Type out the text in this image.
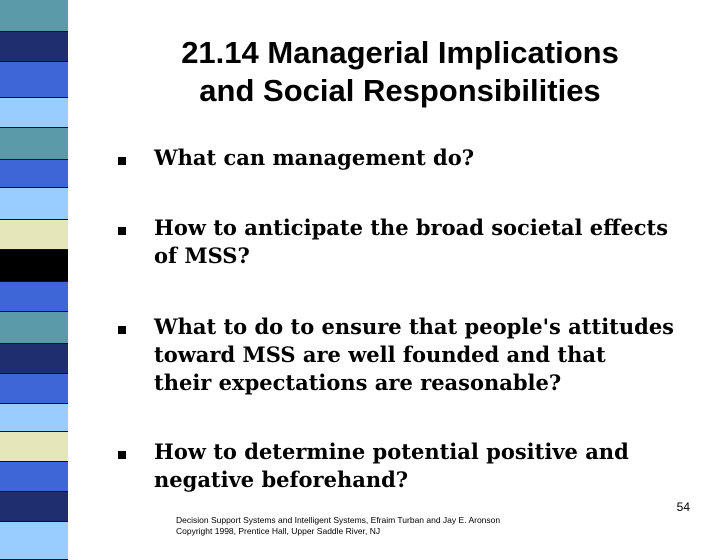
21.14 Managerial Implications
and Social Responsibilities
What can management do?
How to anticipate the broad societal effects
of MSS?
What to do to ensure that people's attitudes
toward MSS are well founded and that
their expectations are reasonable?
How to determine potential positive and
negative beforehand?
54
Decision Support Systems and Intelligent Systems, Efraim Turban and Jay E. Aronson
Copyright 1998, Prentice Hall, Upper Saddle River, NJ
